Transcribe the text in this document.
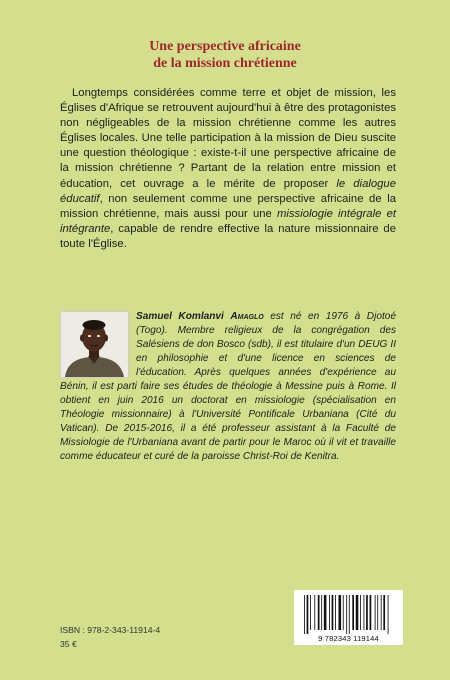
Une perspective africaine
de la mission chrétienne

Longtemps considérées comme terre et objet de mission, les Églises d'Afrique se retrouvent aujourd'hui à être des protagonistes non négligeables de la mission chrétienne comme les autres Églises locales. Une telle participation à la mission de Dieu suscite une question théologique : existe-t-il une perspective africaine de la mission chrétienne ? Partant de la relation entre mission et éducation, cet ouvrage a le mérite de proposer le dialogue éducatif, non seulement comme une perspective africaine de la mission chrétienne, mais aussi pour une missiologie intégrale et intégrante, capable de rendre effective la nature missionnaire de toute l'Église.

Samuel Komlanvi Amaglo est né en 1976 à Djotoé (Togo). Membre religieux de la congrégation des Salésiens de don Bosco (sdb), il est titulaire d'un DEUG II en philosophie et d'une licence en sciences de l'éducation. Après quelques années d'expérience au Bénin, il est parti faire ses études de théologie à Messine puis à Rome. Il obtient en juin 2016 un doctorat en missiologie (spécialisation en Théologie missionnaire) à l'Université Pontificale Urbaniana (Cité du Vatican). De 2015-2016, il a été professeur assistant à la Faculté de Missiologie de l'Urbaniana avant de partir pour le Maroc où il vit et travaille comme éducateur et curé de la paroisse Christ-Roi de Kenitra.

ISBN : 978-2-343-11914-4
35 €
9 782343 119144
